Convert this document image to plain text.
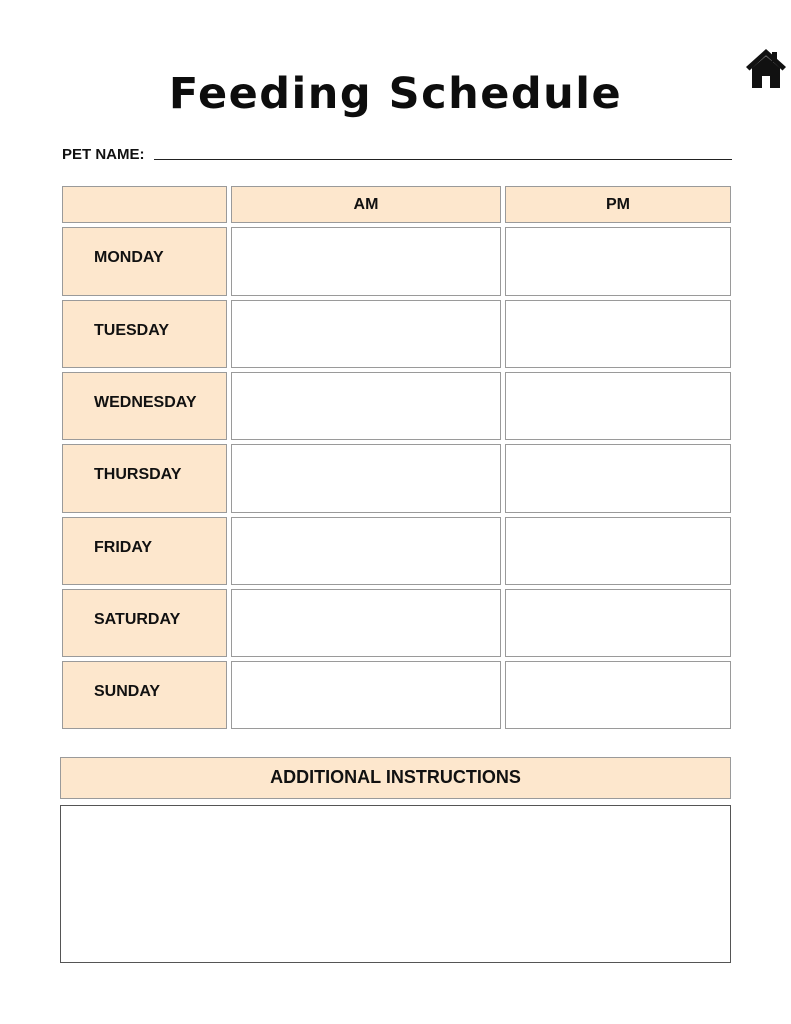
Feeding Schedule
PET NAME:
AM	PM
MONDAY
TUESDAY
WEDNESDAY
THURSDAY
FRIDAY
SATURDAY
SUNDAY
ADDITIONAL INSTRUCTIONS
